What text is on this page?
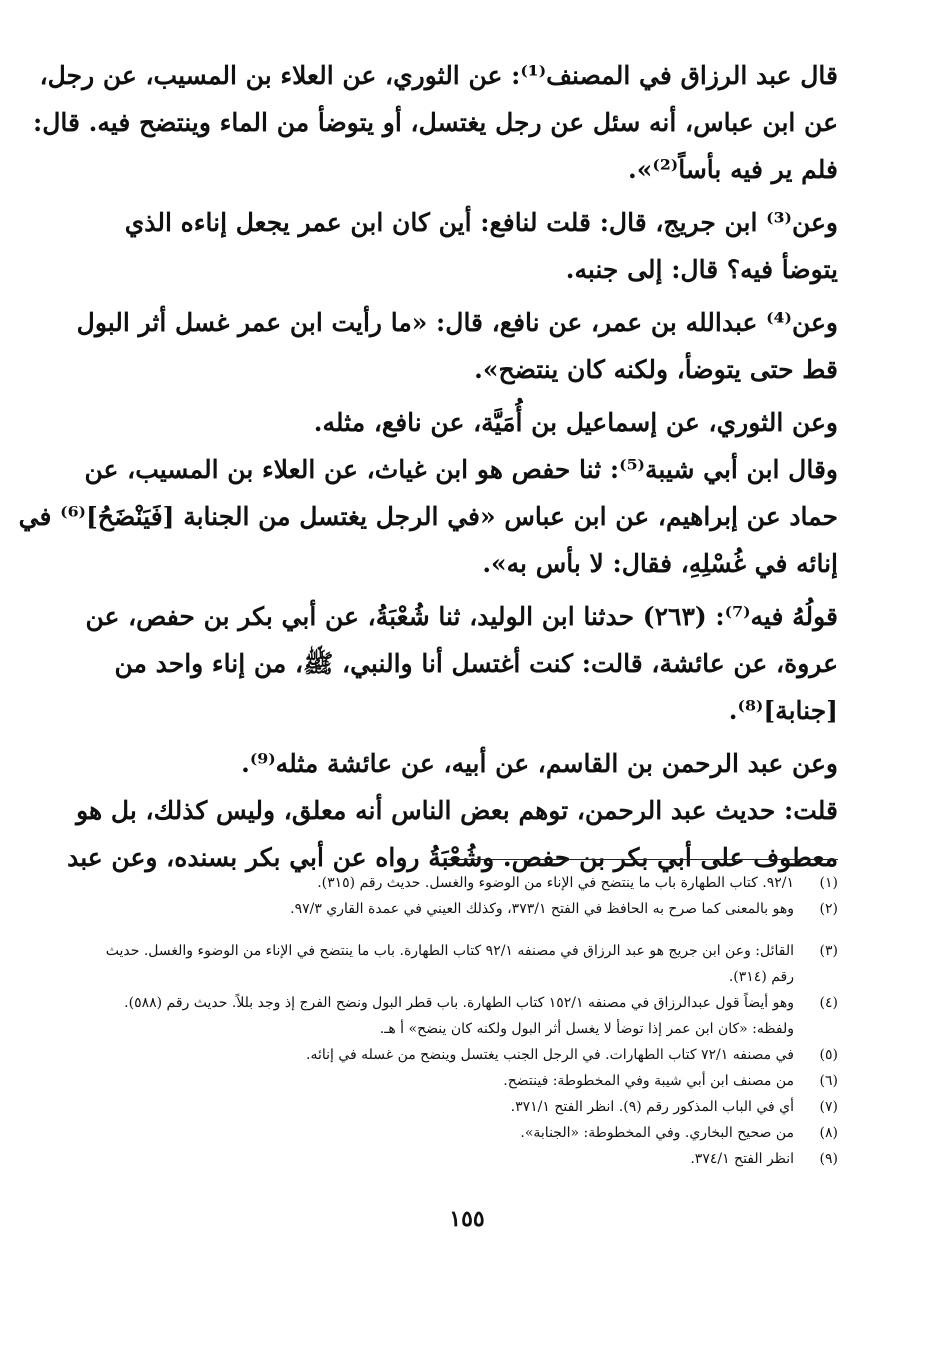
قال عبد الرزاق في المصنف⁽¹⁾: عن الثوري، عن العلاء بن المسيب، عن رجل،
عن ابن عباس، أنه سئل عن رجل يغتسل، أو يتوضأ من الماء وينتضح فيه. قال:
فلم ير فيه بأساً⁽²⁾».
وعن⁽³⁾ ابن جريج، قال: قلت لنافع: أين كان ابن عمر يجعل إناءه الذي
يتوضأ فيه؟ قال: إلى جنبه.
وعن⁽⁴⁾ عبدالله بن عمر، عن نافع، قال: «ما رأيت ابن عمر غسل أثر البول
قط حتى يتوضأ، ولكنه كان ينتضح».
وعن الثوري، عن إسماعيل بن أُمَيَّة، عن نافع، مثله.
وقال ابن أبي شيبة⁽⁵⁾: ثنا حفص هو ابن غياث، عن العلاء بن المسيب، عن
حماد عن إبراهيم، عن ابن عباس «في الرجل يغتسل من الجنابة [فَيَنْضَحُ]⁽⁶⁾ في
إنائه في غُسْلِهِ، فقال: لا بأس به».
قولُهُ فيه⁽⁷⁾: (٢٦٣) حدثنا ابن الوليد، ثنا شُعْبَةُ، عن أبي بكر بن حفص، عن
عروة، عن عائشة، قالت: كنت أغتسل أنا والنبي، ﷺ، من إناء واحد من
[جنابة]⁽⁸⁾.
وعن عبد الرحمن بن القاسم، عن أبيه، عن عائشة مثله⁽⁹⁾.
قلت: حديث عبد الرحمن، توهم بعض الناس أنه معلق، وليس كذلك، بل هو
معطوف على أبي بكر بن حفص. وشُعْبَةُ رواه عن أبي بكر بسنده، وعن عبد
(١)
٩٢/١. كتاب الطهارة باب ما ينتضح في الإناء من الوضوء والغسل. حديث رقم (٣١٥).
(٢)
وهو بالمعنى كما صرح به الحافظ في الفتح ٣٧٣/١، وكذلك العيني في عمدة القاري ٩٧/٣.
(٣)
القائل: وعن ابن جريج هو عبد الرزاق في مصنفه ٩٢/١ كتاب الطهارة. باب ما ينتضح في الإناء من الوضوء والغسل. حديث رقم (٣١٤).
(٤)
وهو أيضاً قول عبدالرزاق في مصنفه ١٥٢/١ كتاب الطهارة. باب قطر البول ونضح الفرج إذ وجد بللاً. حديث رقم (٥٨٨). ولفظه: «كان ابن عمر إذا توضأ لا يغسل أثر البول ولكنه كان ينضح» أ هـ.
(٥)
في مصنفه ٧٢/١ كتاب الطهارات. في الرجل الجنب يغتسل وينضح من غسله في إنائه.
(٦)
من مصنف ابن أبي شيبة وفي المخطوطة: فينتضح.
(٧)
أي في الباب المذكور رقم (٩). انظر الفتح ٣٧١/١.
(٨)
من صحيح البخاري. وفي المخطوطة: «الجنابة».
(٩)
انظر الفتح ٣٧٤/١.
١٥٥
